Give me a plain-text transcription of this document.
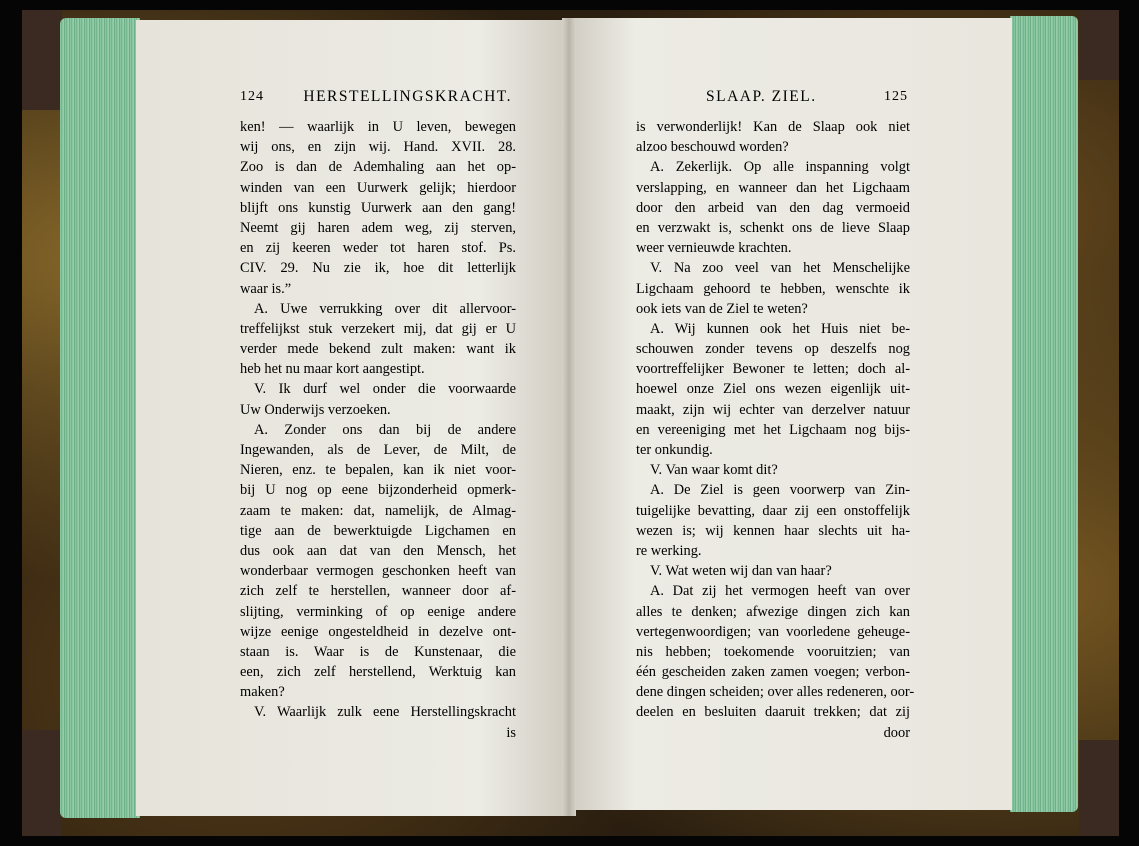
124	HERSTELLINGSKRACHT.	SLAAP. ZIEL.	125
ken! — waarlijk in U leven, bewegen
wij ons, en zijn wij. Hand. XVII. 28.
Zoo is dan de Ademhaling aan het op-
winden van een Uurwerk gelijk; hierdoor
blijft ons kunstig Uurwerk aan den gang!
Neemt gij haren adem weg, zij sterven,
en zij keeren weder tot haren stof. Ps.
CIV. 29. Nu zie ik, hoe dit letterlijk
waar is.”
A. Uwe verrukking over dit allervoor-
treffelijkst stuk verzekert mij, dat gij er U
verder mede bekend zult maken: want ik
heb het nu maar kort aangestipt.
V. Ik durf wel onder die voorwaarde
Uw Onderwijs verzoeken.
A. Zonder ons dan bij de andere
Ingewanden, als de Lever, de Milt, de
Nieren, enz. te bepalen, kan ik niet voor-
bij U nog op eene bijzonderheid opmerk-
zaam te maken: dat, namelijk, de Almag-
tige aan de bewerktuigde Ligchamen en
dus ook aan dat van den Mensch, het
wonderbaar vermogen geschonken heeft van
zich zelf te herstellen, wanneer door af-
slijting, verminking of op eenige andere
wijze eenige ongesteldheid in dezelve ont-
staan is. Waar is de Kunstenaar, die
een, zich zelf herstellend, Werktuig kan
maken?
V. Waarlijk zulk eene Herstellingskracht
is
is verwonderlijk! Kan de Slaap ook niet
alzoo beschouwd worden?
A. Zekerlijk. Op alle inspanning volgt
verslapping, en wanneer dan het Ligchaam
door den arbeid van den dag vermoeid
en verzwakt is, schenkt ons de lieve Slaap
weer vernieuwde krachten.
V. Na zoo veel van het Menschelijke
Ligchaam gehoord te hebben, wenschte ik
ook iets van de Ziel te weten?
A. Wij kunnen ook het Huis niet be-
schouwen zonder tevens op deszelfs nog
voortreffelijker Bewoner te letten; doch al-
hoewel onze Ziel ons wezen eigenlijk uit-
maakt, zijn wij echter van derzelver natuur
en vereeniging met het Ligchaam nog bijs-
ter onkundig.
V. Van waar komt dit?
A. De Ziel is geen voorwerp van Zin-
tuigelijke bevatting, daar zij een onstoffelijk
wezen is; wij kennen haar slechts uit ha-
re werking.
V. Wat weten wij dan van haar?
A. Dat zij het vermogen heeft van over
alles te denken; afwezige dingen zich kan
vertegenwoordigen; van voorledene geheuge-
nis hebben; toekomende vooruitzien; van
één gescheiden zaken zamen voegen; verbon-
dene dingen scheiden; over alles redeneren, oor-
deelen en besluiten daaruit trekken; dat zij
door
